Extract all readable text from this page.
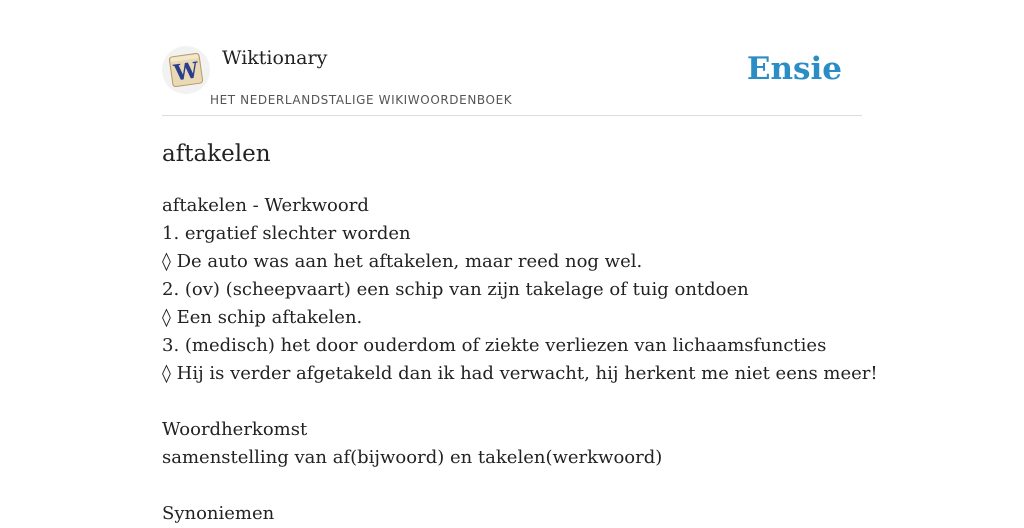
W Wiktionary
HET NEDERLANDSTALIGE WIKIWOORDENBOEK
Ensie
aftakelen
aftakelen - Werkwoord
1. ergatief slechter worden
◊ De auto was aan het aftakelen, maar reed nog wel.
2. (ov) (scheepvaart) een schip van zijn takelage of tuig ontdoen
◊ Een schip aftakelen.
3. (medisch) het door ouderdom of ziekte verliezen van lichaamsfuncties
◊ Hij is verder afgetakeld dan ik had verwacht, hij herkent me niet eens meer!
Woordherkomst
samenstelling van af(bijwoord) en takelen(werkwoord)
Synoniemen
